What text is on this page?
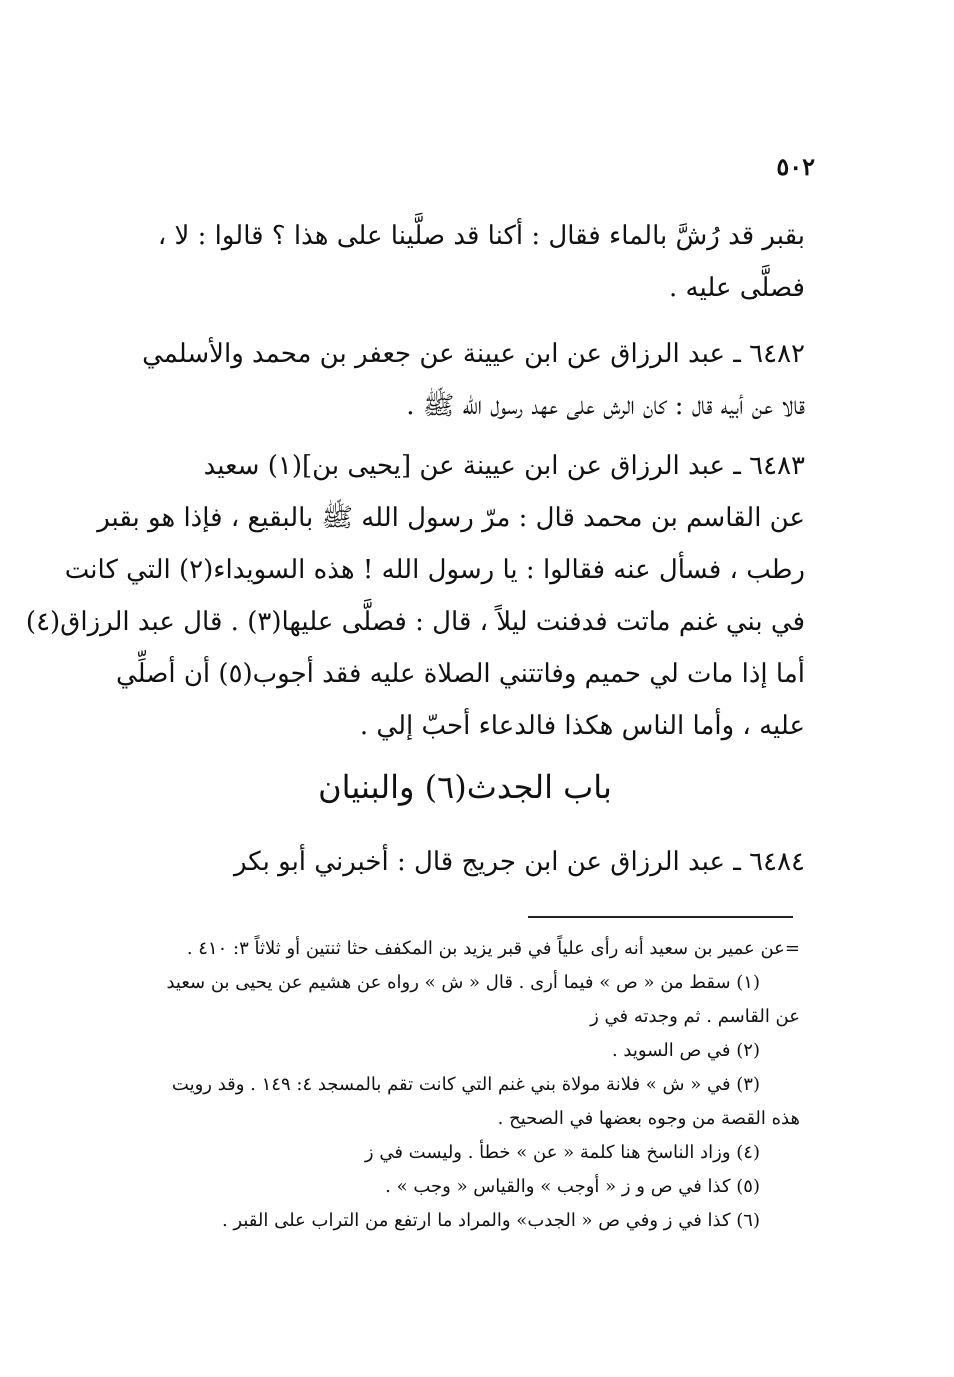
٥٠٢
بقبر قد رُشَّ بالماء فقال : أكنا قد صلَّينا على هذا ؟ قالوا : لا ،
فصلَّى عليه .
٦٤٨٢ ـ عبد الرزاق عن ابن عيينة عن جعفر بن محمد والأسلمي
قالا عن أبيه قال : كان الرش على عهد رسول الله ﷺ .
٦٤٨٣ ـ عبد الرزاق عن ابن عيينة عن [يحيى بن](١) سعيد
عن القاسم بن محمد قال : مرّ رسول الله ﷺ بالبقيع ، فإذا هو بقبر
رطب ، فسأل عنه فقالوا : يا رسول الله ! هذه السويداء(٢) التي كانت
في بني غنم ماتت فدفنت ليلاً ، قال : فصلَّى عليها(٣) . قال عبد الرزاق(٤)
أما إذا مات لي حميم وفاتتني الصلاة عليه فقد أجوب(٥) أن أصلِّي
عليه ، وأما الناس هكذا فالدعاء أحبّ إلي .
باب الجدث(٦) والبنيان
٦٤٨٤ ـ عبد الرزاق عن ابن جريج قال : أخبرني أبو بكر
=عن عمير بن سعيد أنه رأى علياً في قبر يزيد بن المكفف حثا ثنتين أو ثلاثاً ٣: ٤١٠ .
(١) سقط من « ص » فيما أرى . قال « ش » رواه عن هشيم عن يحيى بن سعيد
عن القاسم . ثم وجدته في ز
(٢) في ص السويد .
(٣) في « ش » فلانة مولاة بني غنم التي كانت تقم بالمسجد ٤: ١٤٩ . وقد رويت
هذه القصة من وجوه بعضها في الصحيح .
(٤) وزاد الناسخ هنا كلمة « عن » خطأ . وليست في ز
(٥) كذا في ص و ز « أوجب » والقياس « وجب » .
(٦) كذا في ز وفي ص « الجدب» والمراد ما ارتفع من التراب على القبر .
